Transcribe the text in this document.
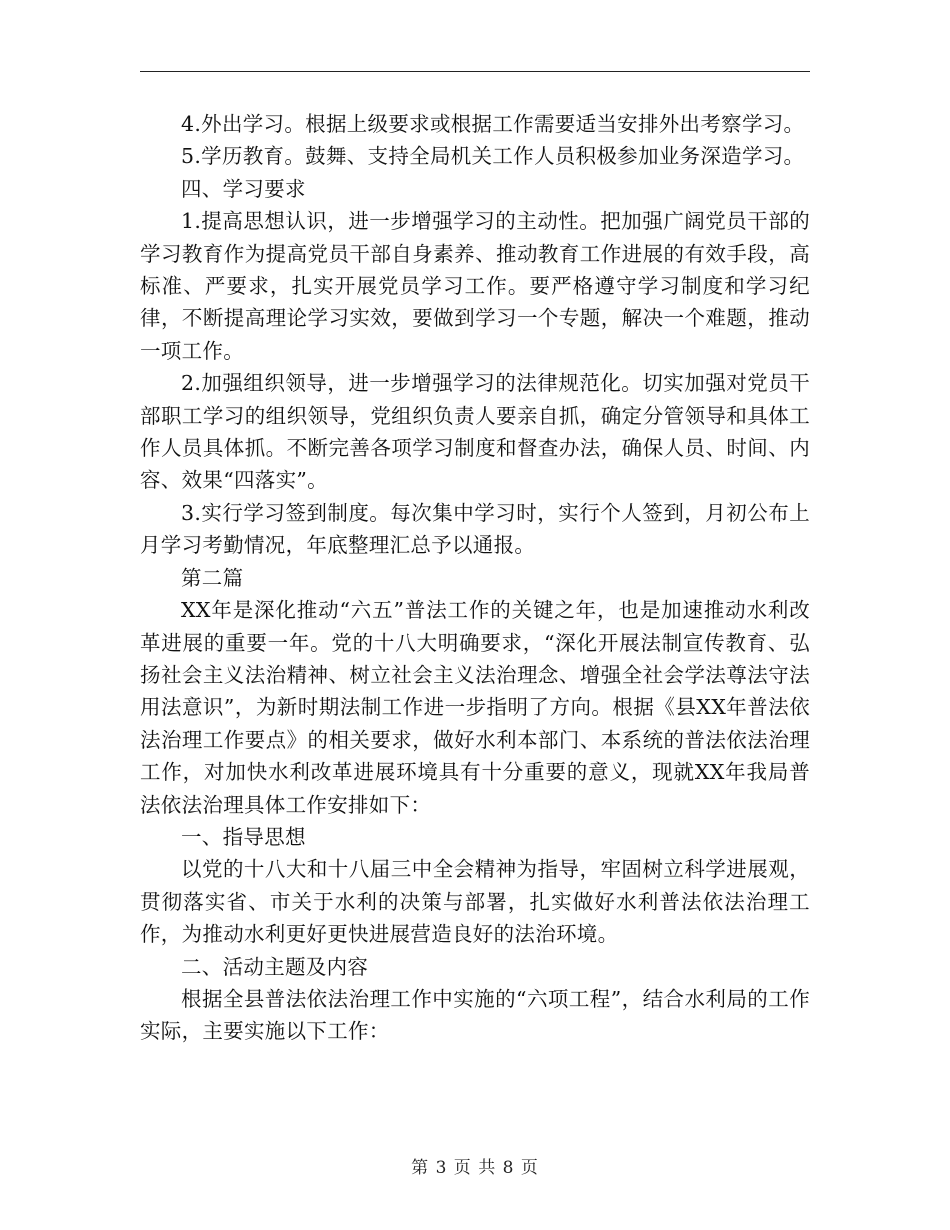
4.外出学习。根据上级要求或根据工作需要适当安排外出考察学习。

5.学历教育。鼓舞、支持全局机关工作人员积极参加业务深造学习。

四、学习要求

1.提高思想认识，进一步增强学习的主动性。把加强广阔党员干部的学习教育作为提高党员干部自身素养、推动教育工作进展的有效手段，高标准、严要求，扎实开展党员学习工作。要严格遵守学习制度和学习纪律，不断提高理论学习实效，要做到学习一个专题，解决一个难题，推动一项工作。

2.加强组织领导，进一步增强学习的法律规范化。切实加强对党员干部职工学习的组织领导，党组织负责人要亲自抓，确定分管领导和具体工作人员具体抓。不断完善各项学习制度和督查办法，确保人员、时间、内容、效果“四落实”。

3.实行学习签到制度。每次集中学习时，实行个人签到，月初公布上月学习考勤情况，年底整理汇总予以通报。

第二篇

XX年是深化推动“六五”普法工作的关键之年，也是加速推动水利改革进展的重要一年。党的十八大明确要求，“深化开展法制宣传教育、弘扬社会主义法治精神、树立社会主义法治理念、增强全社会学法尊法守法用法意识”，为新时期法制工作进一步指明了方向。根据《县XX年普法依法治理工作要点》的相关要求，做好水利本部门、本系统的普法依法治理工作，对加快水利改革进展环境具有十分重要的意义，现就XX年我局普法依法治理具体工作安排如下：

一、指导思想

以党的十八大和十八届三中全会精神为指导，牢固树立科学进展观，贯彻落实省、市关于水利的决策与部署，扎实做好水利普法依法治理工作，为推动水利更好更快进展营造良好的法治环境。

二、活动主题及内容

根据全县普法依法治理工作中实施的“六项工程”，结合水利局的工作实际，主要实施以下工作：

第 3 页 共 8 页
